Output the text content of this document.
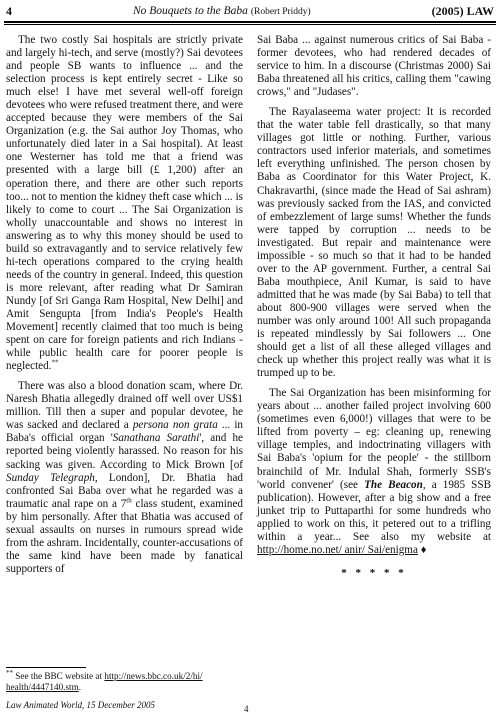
4	No Bouquets to the Baba (Robert Priddy)	(2005) LAW

The two costly Sai hospitals are strictly private and largely hi-tech, and serve (mostly?) Sai devotees and people SB wants to influence ... and the selection process is kept entirely secret - Like so much else! I have met several well-off foreign devotees who were refused treatment there, and were accepted because they were members of the Sai Organization (e.g. the Sai author Joy Thomas, who unfortunately died later in a Sai hospital). At least one Westerner has told me that a friend was presented with a large bill (£ 1,200) after an operation there, and there are other such reports too... not to mention the kidney theft case which ... is likely to come to court ... The Sai Organization is wholly unaccountable and shows no interest in answering as to why this money should be used to build so extravagantly and to service relatively few hi-tech operations compared to the crying health needs of the country in general. Indeed, this question is more relevant, after reading what Dr Samiran Nundy [of Sri Ganga Ram Hospital, New Delhi] and Amit Sengupta [from India's People's Health Movement] recently claimed that too much is being spent on care for foreign patients and rich Indians - while public health care for poorer people is neglected.**

There was also a blood donation scam, where Dr. Naresh Bhatia allegedly drained off well over US$1 million. Till then a super and popular devotee, he was sacked and declared a persona non grata ... in Baba's official organ 'Sanathana Sarathi', and he reported being violently harassed. No reason for his sacking was given. According to Mick Brown [of Sunday Telegraph, London], Dr. Bhatia had confronted Sai Baba over what he regarded was a traumatic anal rape on a 7th class student, examined by him personally. After that Bhatia was accused of sexual assaults on nurses in rumours spread wide from the ashram. Incidentally, counter-accusations of the same kind have been made by fanatical supporters of

Sai Baba ... against numerous critics of Sai Baba - former devotees, who had rendered decades of service to him. In a discourse (Christmas 2000) Sai Baba threatened all his critics, calling them "cawing crows," and "Judases".

The Rayalaseema water project: It is recorded that the water table fell drastically, so that many villages got little or nothing. Further, various contractors used inferior materials, and sometimes left everything unfinished. The person chosen by Baba as Coordinator for this Water Project, K. Chakravarthi, (since made the Head of Sai ashram) was previously sacked from the IAS, and convicted of embezzlement of large sums! Whether the funds were tapped by corruption ... needs to be investigated. But repair and maintenance were impossible - so much so that it had to be handed over to the AP government. Further, a central Sai Baba mouthpiece, Anil Kumar, is said to have admitted that he was made (by Sai Baba) to tell that about 800-900 villages were served when the number was only around 100! All such propaganda is repeated mindlessly by Sai followers ... One should get a list of all these alleged villages and check up whether this project really was what it is trumped up to be.

The Sai Organization has been misinforming for years about ... another failed project involving 600 (sometimes even 6,000!) villages that were to be lifted from poverty – eg: cleaning up, renewing village temples, and indoctrinating villagers with Sai Baba's 'opium for the people' - the stillborn brainchild of Mr. Indulal Shah, formerly SSB's 'world convener' (see The Beacon, a 1985 SSB publication). However, after a big show and a free junket trip to Puttaparthi for some hundreds who applied to work on this, it petered out to a trifling within a year... See also my website at http://home.no.net/ anir/ Sai/enigma ♦

* * * * *
** See the BBC website at http://news.bbc.co.uk/2/hi/ health/4447140.stm.
Law Animated World, 15 December 2005	4
